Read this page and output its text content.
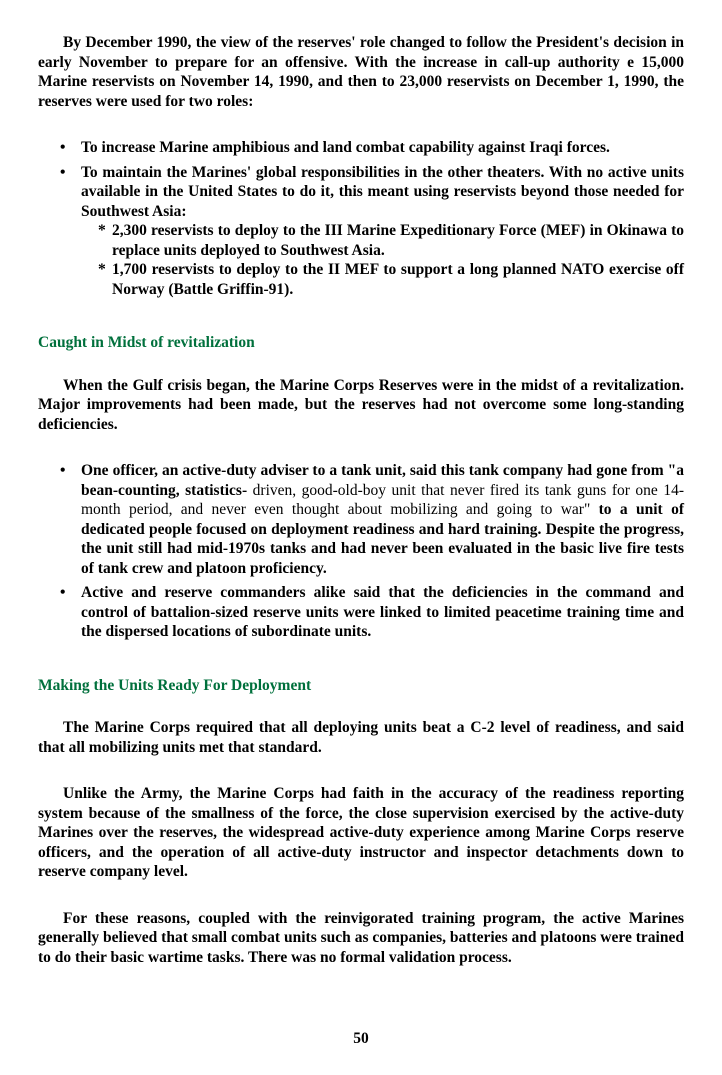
By December 1990, the view of the reserves' role changed to follow the President's decision in early November to prepare for an offensive. With the increase in call-up authority e 15,000 Marine reservists on November 14, 1990, and then to 23,000 reservists on December 1, 1990, the reserves were used for two roles:

• To increase Marine amphibious and land combat capability against Iraqi forces.
• To maintain the Marines' global responsibilities in the other theaters. With no active units available in the United States to do it, this meant using reservists beyond those needed for Southwest Asia:
* 2,300 reservists to deploy to the III Marine Expeditionary Force (MEF) in Okinawa to replace units deployed to Southwest Asia.
* 1,700 reservists to deploy to the II MEF to support a long planned NATO exercise off Norway (Battle Griffin-91).
Caught in Midst of revitalization

When the Gulf crisis began, the Marine Corps Reserves were in the midst of a revitalization. Major improvements had been made, but the reserves had not overcome some long-standing deficiencies.

• One officer, an active-duty adviser to a tank unit, said this tank company had gone from "a bean-counting, statistics- driven, good-old-boy unit that never fired its tank guns for one 14-month period, and never even thought about mobilizing and going to war" to a unit of dedicated people focused on deployment readiness and hard training. Despite the progress, the unit still had mid-1970s tanks and had never been evaluated in the basic live fire tests of tank crew and platoon proficiency.
• Active and reserve commanders alike said that the deficiencies in the command and control of battalion-sized reserve units were linked to limited peacetime training time and the dispersed locations of subordinate units.
Making the Units Ready For Deployment

The Marine Corps required that all deploying units beat a C-2 level of readiness, and said that all mobilizing units met that standard.

Unlike the Army, the Marine Corps had faith in the accuracy of the readiness reporting system because of the smallness of the force, the close supervision exercised by the active-duty Marines over the reserves, the widespread active-duty experience among Marine Corps reserve officers, and the operation of all active-duty instructor and inspector detachments down to reserve company level.

For these reasons, coupled with the reinvigorated training program, the active Marines generally believed that small combat units such as companies, batteries and platoons were trained to do their basic wartime tasks. There was no formal validation process.

50
